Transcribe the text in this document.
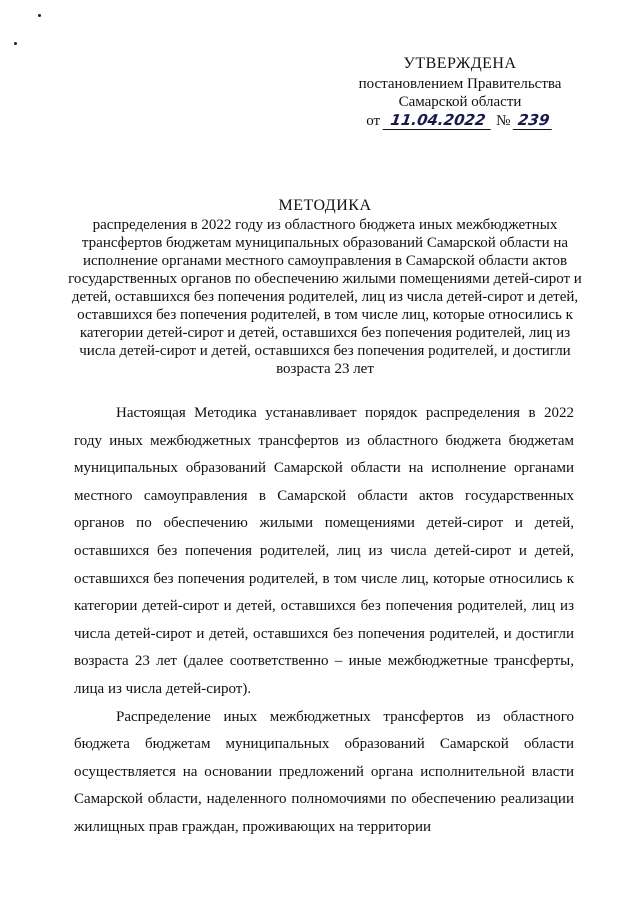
УТВЕРЖДЕНА
постановлением Правительства
Самарской области
от 11.04.2022 № 239
МЕТОДИКА
распределения в 2022 году из областного бюджета иных межбюджетных трансфертов бюджетам муниципальных образований Самарской области на исполнение органами местного самоуправления в Самарской области актов государственных органов по обеспечению жилыми помещениями детей-сирот и детей, оставшихся без попечения родителей, лиц из числа детей-сирот и детей, оставшихся без попечения родителей, в том числе лиц, которые относились к категории детей-сирот и детей, оставшихся без попечения родителей, лиц из числа детей-сирот и детей, оставшихся без попечения родителей, и достигли возраста 23 лет

Настоящая Методика устанавливает порядок распределения в 2022 году иных межбюджетных трансфертов из областного бюджета бюджетам муниципальных образований Самарской области на исполнение органами местного самоуправления в Самарской области актов государственных органов по обеспечению жилыми помещениями детей-сирот и детей, оставшихся без попечения родителей, лиц из числа детей-сирот и детей, оставшихся без попечения родителей, в том числе лиц, которые относились к категории детей-сирот и детей, оставшихся без попечения родителей, лиц из числа детей-сирот и детей, оставшихся без попечения родителей, и достигли возраста 23 лет (далее соответственно – иные межбюджетные трансферты, лица из числа детей-сирот).

Распределение иных межбюджетных трансфертов из областного бюджета бюджетам муниципальных образований Самарской области осуществляется на основании предложений органа исполнительной власти Самарской области, наделенного полномочиями по обеспечению реализации жилищных прав граждан, проживающих на территории
